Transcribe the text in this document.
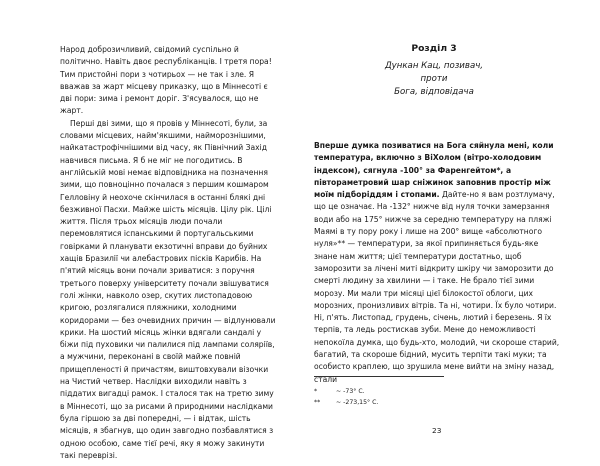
Народ доброзичливий, свідомий суспільно й політично. Навіть двоє республіканців. І третя пора! Тим пристойні пори з чотирьох — не так і зле. Я вважав за жарт місцеву приказку, що в Міннесоті є дві пори: зима і ремонт доріг. З'ясувалося, що не жарт.

Перші дві зими, що я провів у Міннесоті, були, за словами місцевих, найм'якшими, найморознішими, найкатастрофічнішими від часу, як Північний Захід навчився письма. Я б не міг не погодитись. В англійській мові немає відповідника на позначення зими, що повноцінно почалася з першим кошмаром Гелловіну й неохоче скінчилася в останні блякі дні безживної Пасхи. Майже шість місяців. Цілу рік. Цілі життя. Після трьох місяців люди почали перемовлятися іспанськими й португальськими говірками й планувати екзотичні вправи до буйних хащів Бразилії чи алебастрових пісків Карибів. На п'ятий місяць вони почали зриватися: з поручня третього поверху університету почали звішуватися голі жінки, навколо озер, скутих листопадовою кригою, розлягалися пляжники, холодними коридорами — без очевидних причин — відлунювали крики. На шостий місяць жінки вдягали сандалі у біжи під пуховики чи палилися під лампами соляріїв, а мужчини, переконані в своїй майже повній прищепленості й причастям, виштовхували візочки на Чистий четвер. Наслідки виходили навіть з піддатих вигадці рамок. І сталося так на третю зиму в Міннесоті, що за рисами й природними наслідками була гіршою за дві попередні, — і відтак, шість місяців, я збагнув, що один завгодно позбавлятися з одною особою, саме тієї речі, яку я можу закинути такі переврізі.

Розділ 3

Дункан Кац, позивач,
проти
Бога, відповідача

Вперше думка позиватися на Бога сяйнула мені, коли температура, включно з ВіХолом (вітро-холодовим індексом), сягнула -100° за Фаренгейтом*, а півтораметровий шар сніжинок заповнив простір між моїм підборіддям і стопами. Дайте-но я вам розтлумачу, що це означає. На -132° нижче від нуля точки замерзання води або на 175° нижче за середню температуру на пляжі Маямі в ту пору року і лише на 200° вище «абсолютного нуля»** — температури, за якої припиняється будь-яке знане нам життя; цієї температури достатньо, щоб заморозити за лічені миті відкриту шкіру чи заморозити до смерті людину за хвилини — і таке. Не брало тієї зими морозу. Ми мали три місяці цієї білокостої облоги, цих морозних, пронизливих вітрів. Та ні, чотири. Їх було чотири. Ні, п'ять. Листопад, грудень, січень, лютий і березень. Я їх терпів, та ледь ростискав зуби. Мене до неможливості непокоїла думка, що будь-хто, молодий, чи скороше старий, багатий, та скороше бідний, мусить терпіти такі муки; та особисто краплею, що зрушила мене вийти на зміну назад, стали

*	~ -73° С.
**	~ -273,15° С.
23
